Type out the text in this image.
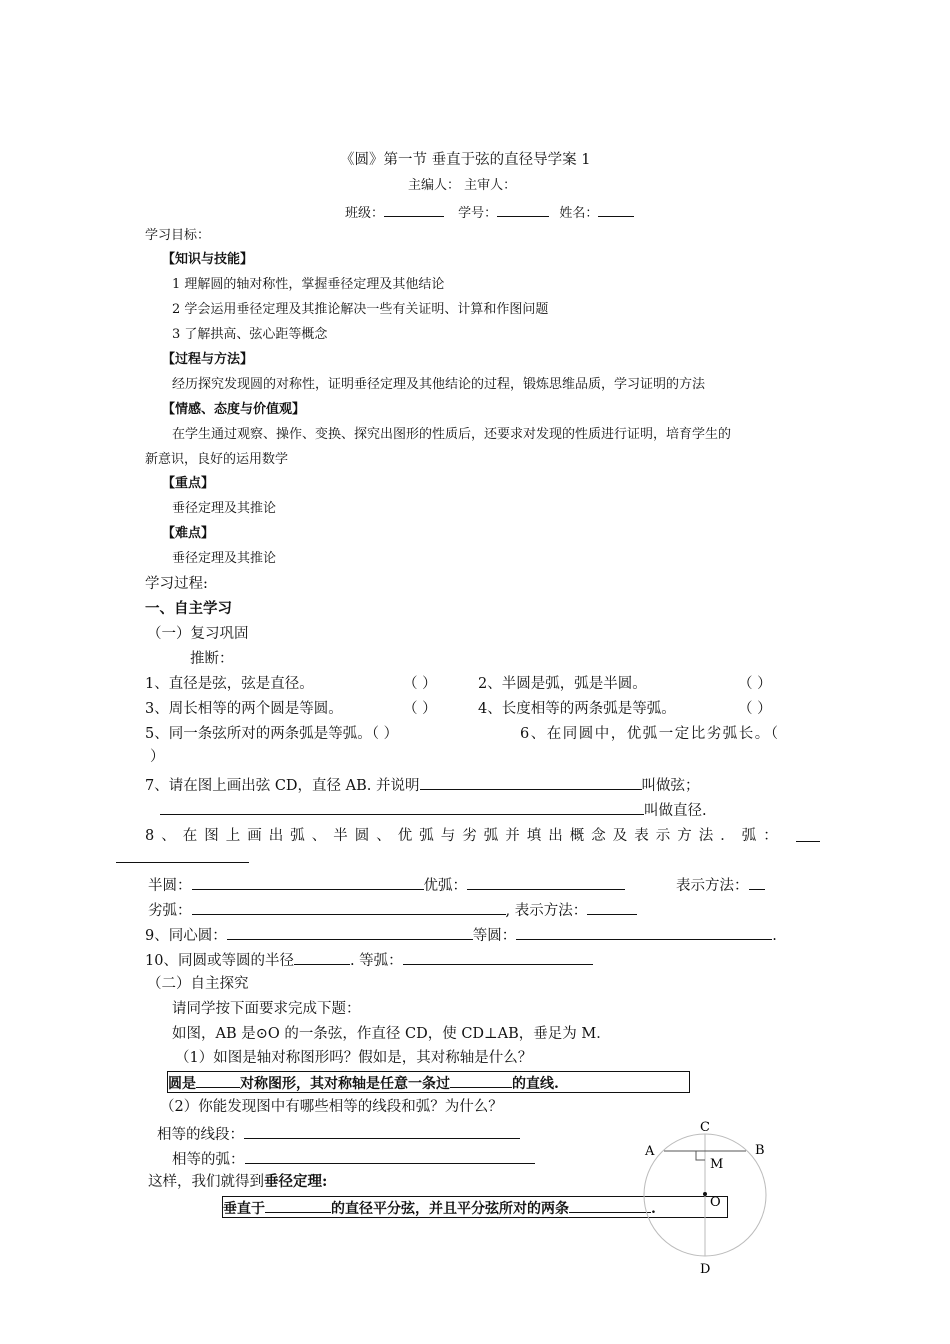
《圆》第一节 垂直于弦的直径导学案 1
主编人： 主审人：
班级：	学号：	姓名：
学习目标：
【知识与技能】
1 理解圆的轴对称性，掌握垂径定理及其他结论
2 学会运用垂径定理及其推论解决一些有关证明、计算和作图问题
3 了解拱高、弦心距等概念
【过程与方法】
经历探究发现圆的对称性，证明垂径定理及其他结论的过程，锻炼思维品质，学习证明的方法
【情感、态度与价值观】
在学生通过观察、操作、变换、探究出图形的性质后，还要求对发现的性质进行证明，培育学生的
新意识，良好的运用数学
【重点】
垂径定理及其推论
【难点】
垂径定理及其推论
学习过程:
一、自主学习
（一）复习巩固
推断：
1、直径是弦，弦是直径。	（ ）	2、半圆是弧，弧是半圆。	（ ）
3、周长相等的两个圆是等圆。	（ ）	4、长度相等的两条弧是等弧。	（ ）
5、同一条弦所对的两条弧是等弧。（ ）	6、在同圆中，优弧一定比劣弧长。（
）
7、请在图上画出弦 CD，直径 AB. 并说明	叫做弦；
叫做直径.
8、在图上画出弧、半圆、优弧与劣弧并填出概念及表示方法．弧：
半圆：	优弧：	表示方法：
劣弧：	, 表示方法：
9、同心圆：	等圆：	.
10、同圆或等圆的半径	. 等弧：
（二）自主探究
请同学按下面要求完成下题：
如图，AB 是⊙O 的一条弦，作直径 CD，使 CD⊥AB，垂足为 M．
（1）如图是轴对称图形吗？假如是，其对称轴是什么？
圆是	对称图形，其对称轴是任意一条过	的直线.
（2）你能发现图中有哪些相等的线段和弧？为什么？
相等的线段：
相等的弧：
这样，我们就得到垂径定理:
垂直于	的直径平分弦，并且平分弦所对的两条	.
C
A	B
M
O
D
